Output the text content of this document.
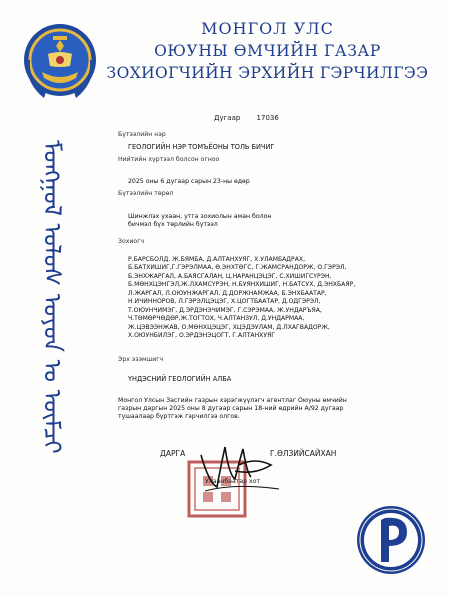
МОНГОЛ УЛС
ОЮУНЫ ӨМЧИЙН ГАЗАР
ЗОХИОГЧИЙН ЭРХИЙН ГЭРЧИЛГЭЭ
ᠮᠣᠩᠭᠣᠯ ᠤᠯᠤᠰ ᠣᠶᠤᠨ ᠤ ᠥᠮᠴᠢ
Дугаар 17036
Бүтээлийн нэр
ГЕОЛОГИЙН НЭР ТОМЪЁОНЫ ТОЛЬ БИЧИГ
Нийтийн хүртээл болсон огноо
2025 оны 6 дугаар сарын 23-ны өдөр
Бүтээлийн төрөл
Шинжлэх ухаан, утга зохиолын аман болон
бичмэл бүх төрлийн бүтээл
Зохиогч
Эрх эзэмшигч
ҮНДЭСНИЙ ГЕОЛОГИЙН АЛБА
Монгол Улсын Засгийн газрын хэрэгжүүлэгч агентлаг Оюуны өмчийн
газрын даргын 2025 оны 8 дугаар сарын 18-ний өдрийн А/92 дугаар
тушаалаар бүртгэж гэрчилгээ олгов.
Р.БАРСБОЛД, Ж.БЯМБА, Д.АЛТАНХУЯГ, Х.УЛАМБАДРАХ,
Б.БАТХИШИГ,Г.ГЭРЭЛМАА, Ө.ЭНХТӨГС, Г.ЖАМСРАНДОРЖ, О.ГЭРЭЛ,
Б.ЭНХЖАРГАЛ, А.БАЯСГАЛАН, Ц.НАРАНЦЭЦЭГ, С.ХИШИГСҮРЭН,
Б.МӨНХЦЭНГЭЛ,Ж.ЛХАМСҮРЭН, Н.БУЯНХИШИГ, Н.БАТСУХ, Д.ЭНХБАЯР,
Л.ЖАРГАЛ, Л.ОЮУНЖАРГАЛ, Д.ДОРЖНАМЖАА, Б.ЭНХБААТАР,
Н.ИЧИННОРОВ, Л.ГЭРЭЛЦЭЦЭГ, Х.ЦОГТБААТАР, Д.ОДГЭРЭЛ,
Т.ОЮУНЧИМЭГ, Д.ЭРДЭНЭЧИМЭГ, Г.СЭРЭМАА, Ж.УНДАРЪЯА,
Ч.ТӨМӨРЧӨДӨР,Ж.ТОГТОХ, Ч.АЛТАНЗУЛ, Д.УНДАРМАА,
Ж.ЦЭВЭЭНЖАВ, О.МӨНХЦЭЦЭГ, ХЦЭДЭУЛАМ, Д.ЛХАГВАДОРЖ,
Х.ОЮУНБИЛЭГ, О.ЭРДЭНЭЦОГТ, Г.АЛТАНХУЯГ
ДАРГА	Г.ӨЛЗИЙСАЙХАН
Улаанбаатар хот
